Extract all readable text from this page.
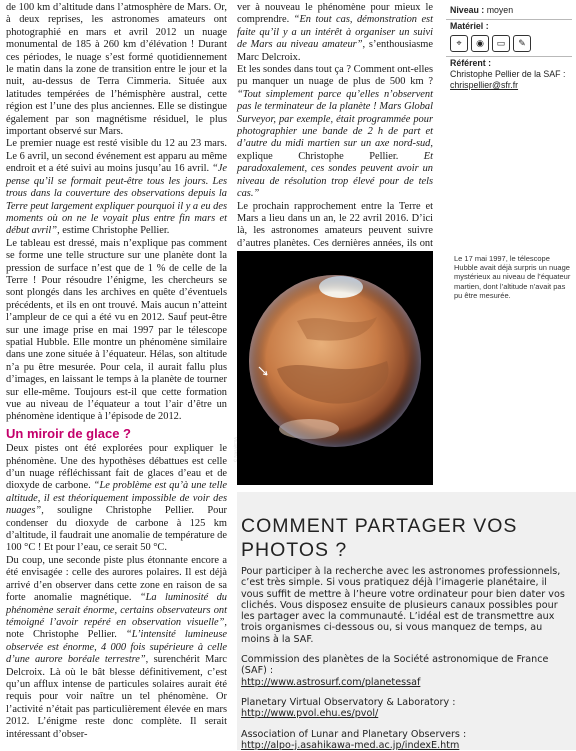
de 100 km d’altitude dans l’atmosphère de Mars. Or, à deux reprises, les astronomes amateurs ont photographié en mars et avril 2012 un nuage monumental de 185 à 260 km d’élévation ! Durant ces périodes, le nuage s’est formé quotidiennement le matin dans la zone de transition entre le jour et la nuit, au-dessus de Terra Cimmeria. Située aux latitudes tempérées de l’hémisphère austral, cette région est l’une des plus anciennes. Elle se distingue également par son magnétisme résiduel, le plus important observé sur Mars.

Le premier nuage est resté visible du 12 au 23 mars. Le 6 avril, un second événement est apparu au même endroit et a été suivi au moins jusqu’au 16 avril. “Je pense qu’il se formait peut-être tous les jours. Les trous dans la couverture des observations depuis la Terre peut largement expliquer pourquoi il y a eu des moments où on ne le voyait plus entre fin mars et début avril”, estime Christophe Pellier.

Le tableau est dressé, mais n’explique pas comment se forme une telle structure sur une planète dont la pression de surface n’est que de 1 % de celle de la Terre ! Pour résoudre l’énigme, les chercheurs se sont plongés dans les archives en quête d’éventuels précédents, et ils en ont trouvé. Mais aucun n’atteint l’ampleur de ce qui a été vu en 2012. Sauf peut-être sur une image prise en mai 1997 par le télescope spatial Hubble. Elle montre un phénomène similaire dans une zone située à l’équateur. Hélas, son altitude n’a pu être mesurée. Pour cela, il aurait fallu plus d’images, en laissant le temps à la planète de tourner sur elle-même. Toujours est-il que cette formation vue au niveau de l’équateur a tout l’air d’être un phénomène identique à l’épisode de 2012.

Un miroir de glace ?

Deux pistes ont été explorées pour expliquer le phénomène. Une des hypothèses débattues est celle d’un nuage réfléchissant fait de glaces d’eau et de dioxyde de carbone. “Le problème est qu’à une telle altitude, il est théoriquement impossible de voir des nuages”, souligne Christophe Pellier. Pour condenser du dioxyde de carbone à 125 km d’altitude, il faudrait une anomalie de température de 100 °C ! Et pour l’eau, ce serait 50 °C.

Du coup, une seconde piste plus étonnante encore a été envisagée : celle des aurores polaires. Il est déjà arrivé d’en observer dans cette zone en raison de sa forte anomalie magnétique. “La luminosité du phénomène serait énorme, certains observateurs ont témoigné l’avoir repéré en observation visuelle”, note Christophe Pellier. “L’intensité lumineuse observée est énorme, 4 000 fois supérieure à celle d’une aurore boréale terrestre”, surenchérit Marc Delcroix. Là où le bât blesse définitivement, c’est qu’un afflux intense de particules solaires aurait été requis pour voir naître un tel phénomène. Or l’activité n’était pas particulièrement élevée en mars 2012. L’énigme reste donc complète. Il serait intéressant d’obser-

ver à nouveau le phénomène pour mieux le comprendre. “En tout cas, démonstration est faite qu’il y a un intérêt à organiser un suivi de Mars au niveau amateur”, s’enthousiasme Marc Delcroix.

Et les sondes dans tout ça ? Comment ont-elles pu manquer un nuage de plus de 500 km ? “Tout simplement parce qu’elles n’observent pas le terminateur de la planète ! Mars Global Surveyor, par exemple, était programmée pour photographier une bande de 2 h de part et d’autre du midi martien sur un axe nord-sud, explique Christophe Pellier. Et paradoxalement, ces sondes peuvent avoir un niveau de résolution trop élevé pour de tels cas.”

Le prochain rapprochement entre la Terre et Mars a lieu dans un an, le 22 avril 2016. D’ici là, les astronomes amateurs peuvent suivre d’autres planètes. Ces dernières années, ils ont

Niveau : moyen
Matériel :
⌖	◉	▭	✎
Référent :
Christophe Pellier de la SAF : chrispellier@sfr.fr
© Nasa/ESA
Le 17 mai 1997, le télescope Hubble avait déjà surpris un nuage mystérieux au niveau de l’équateur martien, dont l’altitude n’avait pas pu être mesurée.
COMMENT PARTAGER VOS PHOTOS ?

Pour participer à la recherche avec les astronomes professionnels, c’est très simple. Si vous pratiquez déjà l’imagerie planétaire, il vous suffit de mettre à l’heure votre ordinateur pour bien dater vos clichés. Vous disposez ensuite de plusieurs canaux possibles pour les partager avec la communauté. L’idéal est de transmettre aux trois organismes ci-dessous ou, si vous manquez de temps, au moins à la SAF.

Commission des planètes de la Société astronomique de France (SAF) :

http://www.astrosurf.com/planetessaf

Planetary Virtual Observatory & Laboratory :

http://www.pvol.ehu.es/pvol/

Association of Lunar and Planetary Observers :

http://alpo-j.asahikawa-med.ac.jp/indexE.htm
